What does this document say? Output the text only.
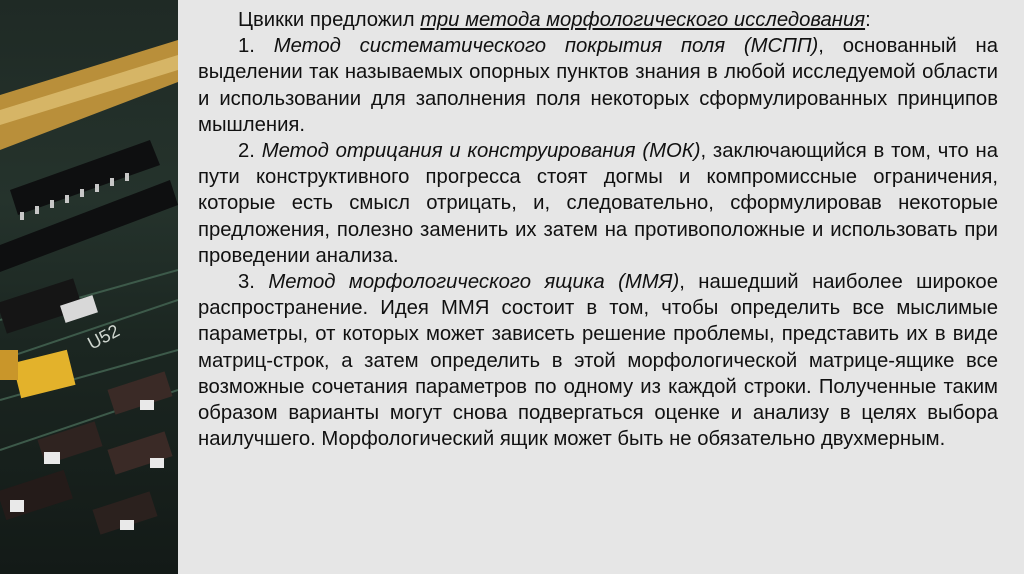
U52

Цвикки предложил три метода морфологического исследования:

1. Метод систематического покрытия поля (МСПП), основанный на выделении так называемых опорных пунктов знания в любой исследуемой области и использовании для заполнения поля некоторых сформулированных принципов мышления.

2. Метод отрицания и конструирования (МОК), заключающийся в том, что на пути конструктивного прогресса стоят догмы и компромиссные ограничения, которые есть смысл отрицать, и, следовательно, сформулировав некоторые предложения, полезно заменить их затем на противоположные и использовать при проведении анализа.

3. Метод морфологического ящика (ММЯ), нашедший наиболее широкое распространение. Идея ММЯ состоит в том, чтобы определить все мыслимые параметры, от которых может зависеть решение проблемы, представить их в виде матриц-строк, а затем определить в этой морфологической матрице-ящике все возможные сочетания параметров по одному из каждой строки. Полученные таким образом варианты могут снова подвергаться оценке и анализу в целях выбора наилучшего. Морфологический ящик может быть не обязательно двухмерным.
